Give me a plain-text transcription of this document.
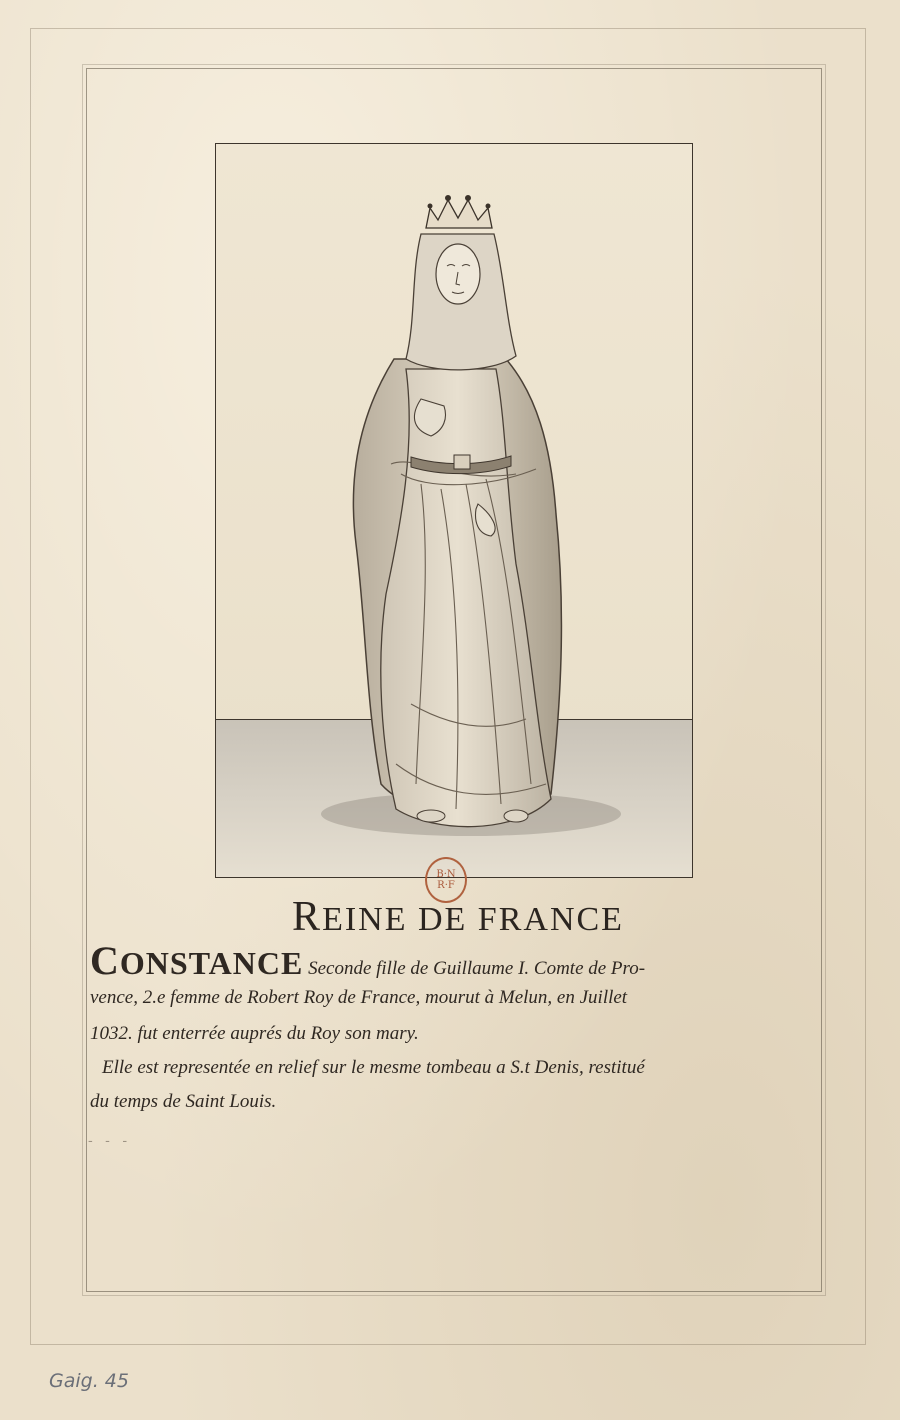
B·N
R·F
REINE DE FRANCE
CONSTANCE Seconde fille de Guillaume I. Comte de Pro-
vence, 2.e femme de Robert Roy de France, mourut à Melun, en Juillet
1032. fut enterrée auprés du Roy son mary.
Elle est representée en relief sur le mesme tombeau a S.t Denis, restitué
du temps de Saint Louis.
- - -
Gaig. 45
